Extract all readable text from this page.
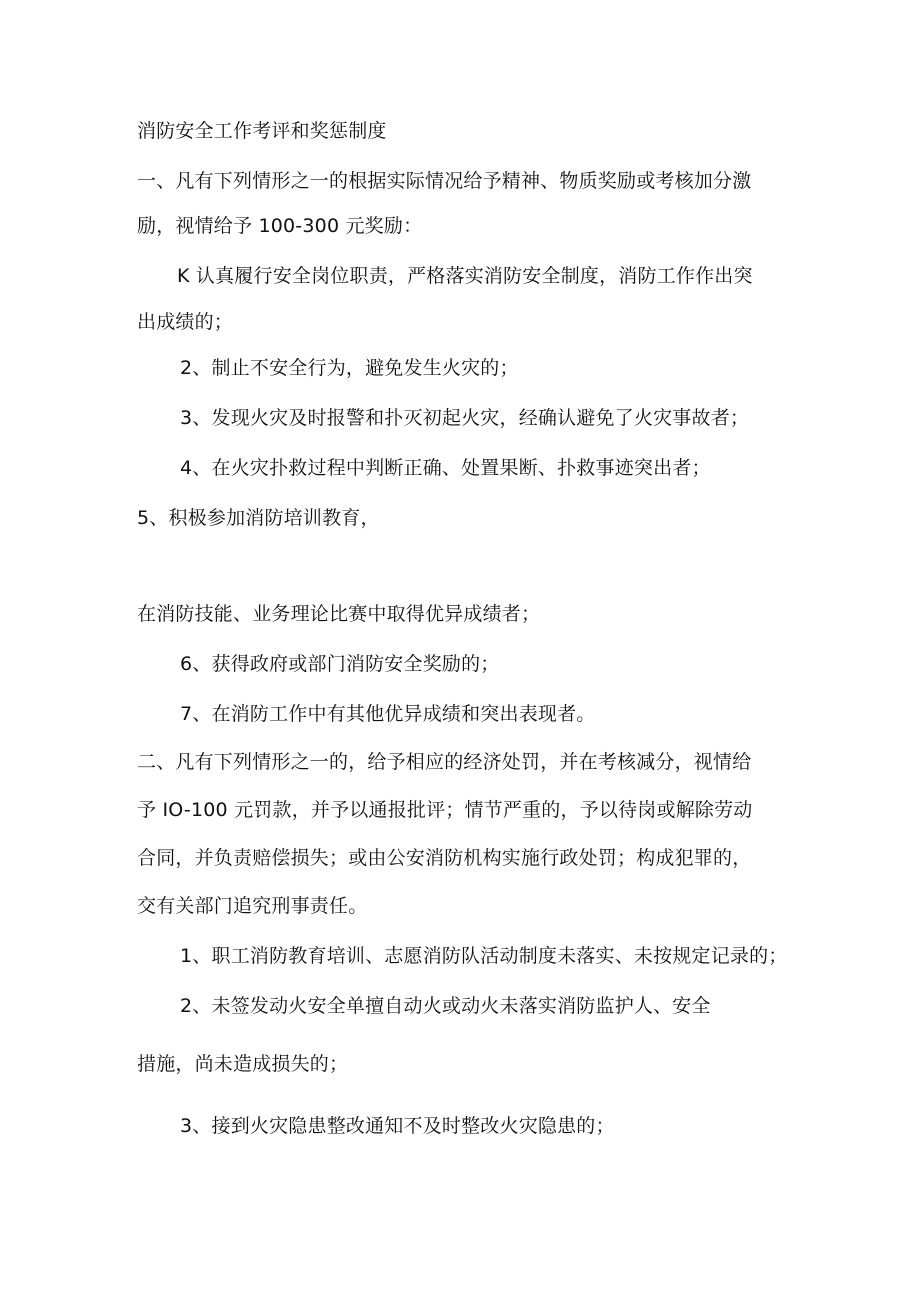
消防安全工作考评和奖惩制度
一、凡有下列情形之一的根据实际情况给予精神、物质奖励或考核加分激
励，视情给予 100-300 元奖励：
K 认真履行安全岗位职责，严格落实消防安全制度，消防工作作出突
出成绩的；
2、制止不安全行为，避免发生火灾的；
3、发现火灾及时报警和扑灭初起火灾，经确认避免了火灾事故者；
4、在火灾扑救过程中判断正确、处置果断、扑救事迹突出者；
5、积极参加消防培训教育，
在消防技能、业务理论比赛中取得优异成绩者；
6、获得政府或部门消防安全奖励的；
7、在消防工作中有其他优异成绩和突出表现者。
二、凡有下列情形之一的，给予相应的经济处罚，并在考核减分，视情给
予 IO-100 元罚款，并予以通报批评；情节严重的，予以待岗或解除劳动
合同，并负责赔偿损失；或由公安消防机构实施行政处罚；构成犯罪的，
交有关部门追究刑事责任。
1、职工消防教育培训、志愿消防队活动制度未落实、未按规定记录的；
2、未签发动火安全单擅自动火或动火未落实消防监护人、安全
措施，尚未造成损失的；
3、接到火灾隐患整改通知不及时整改火灾隐患的；
